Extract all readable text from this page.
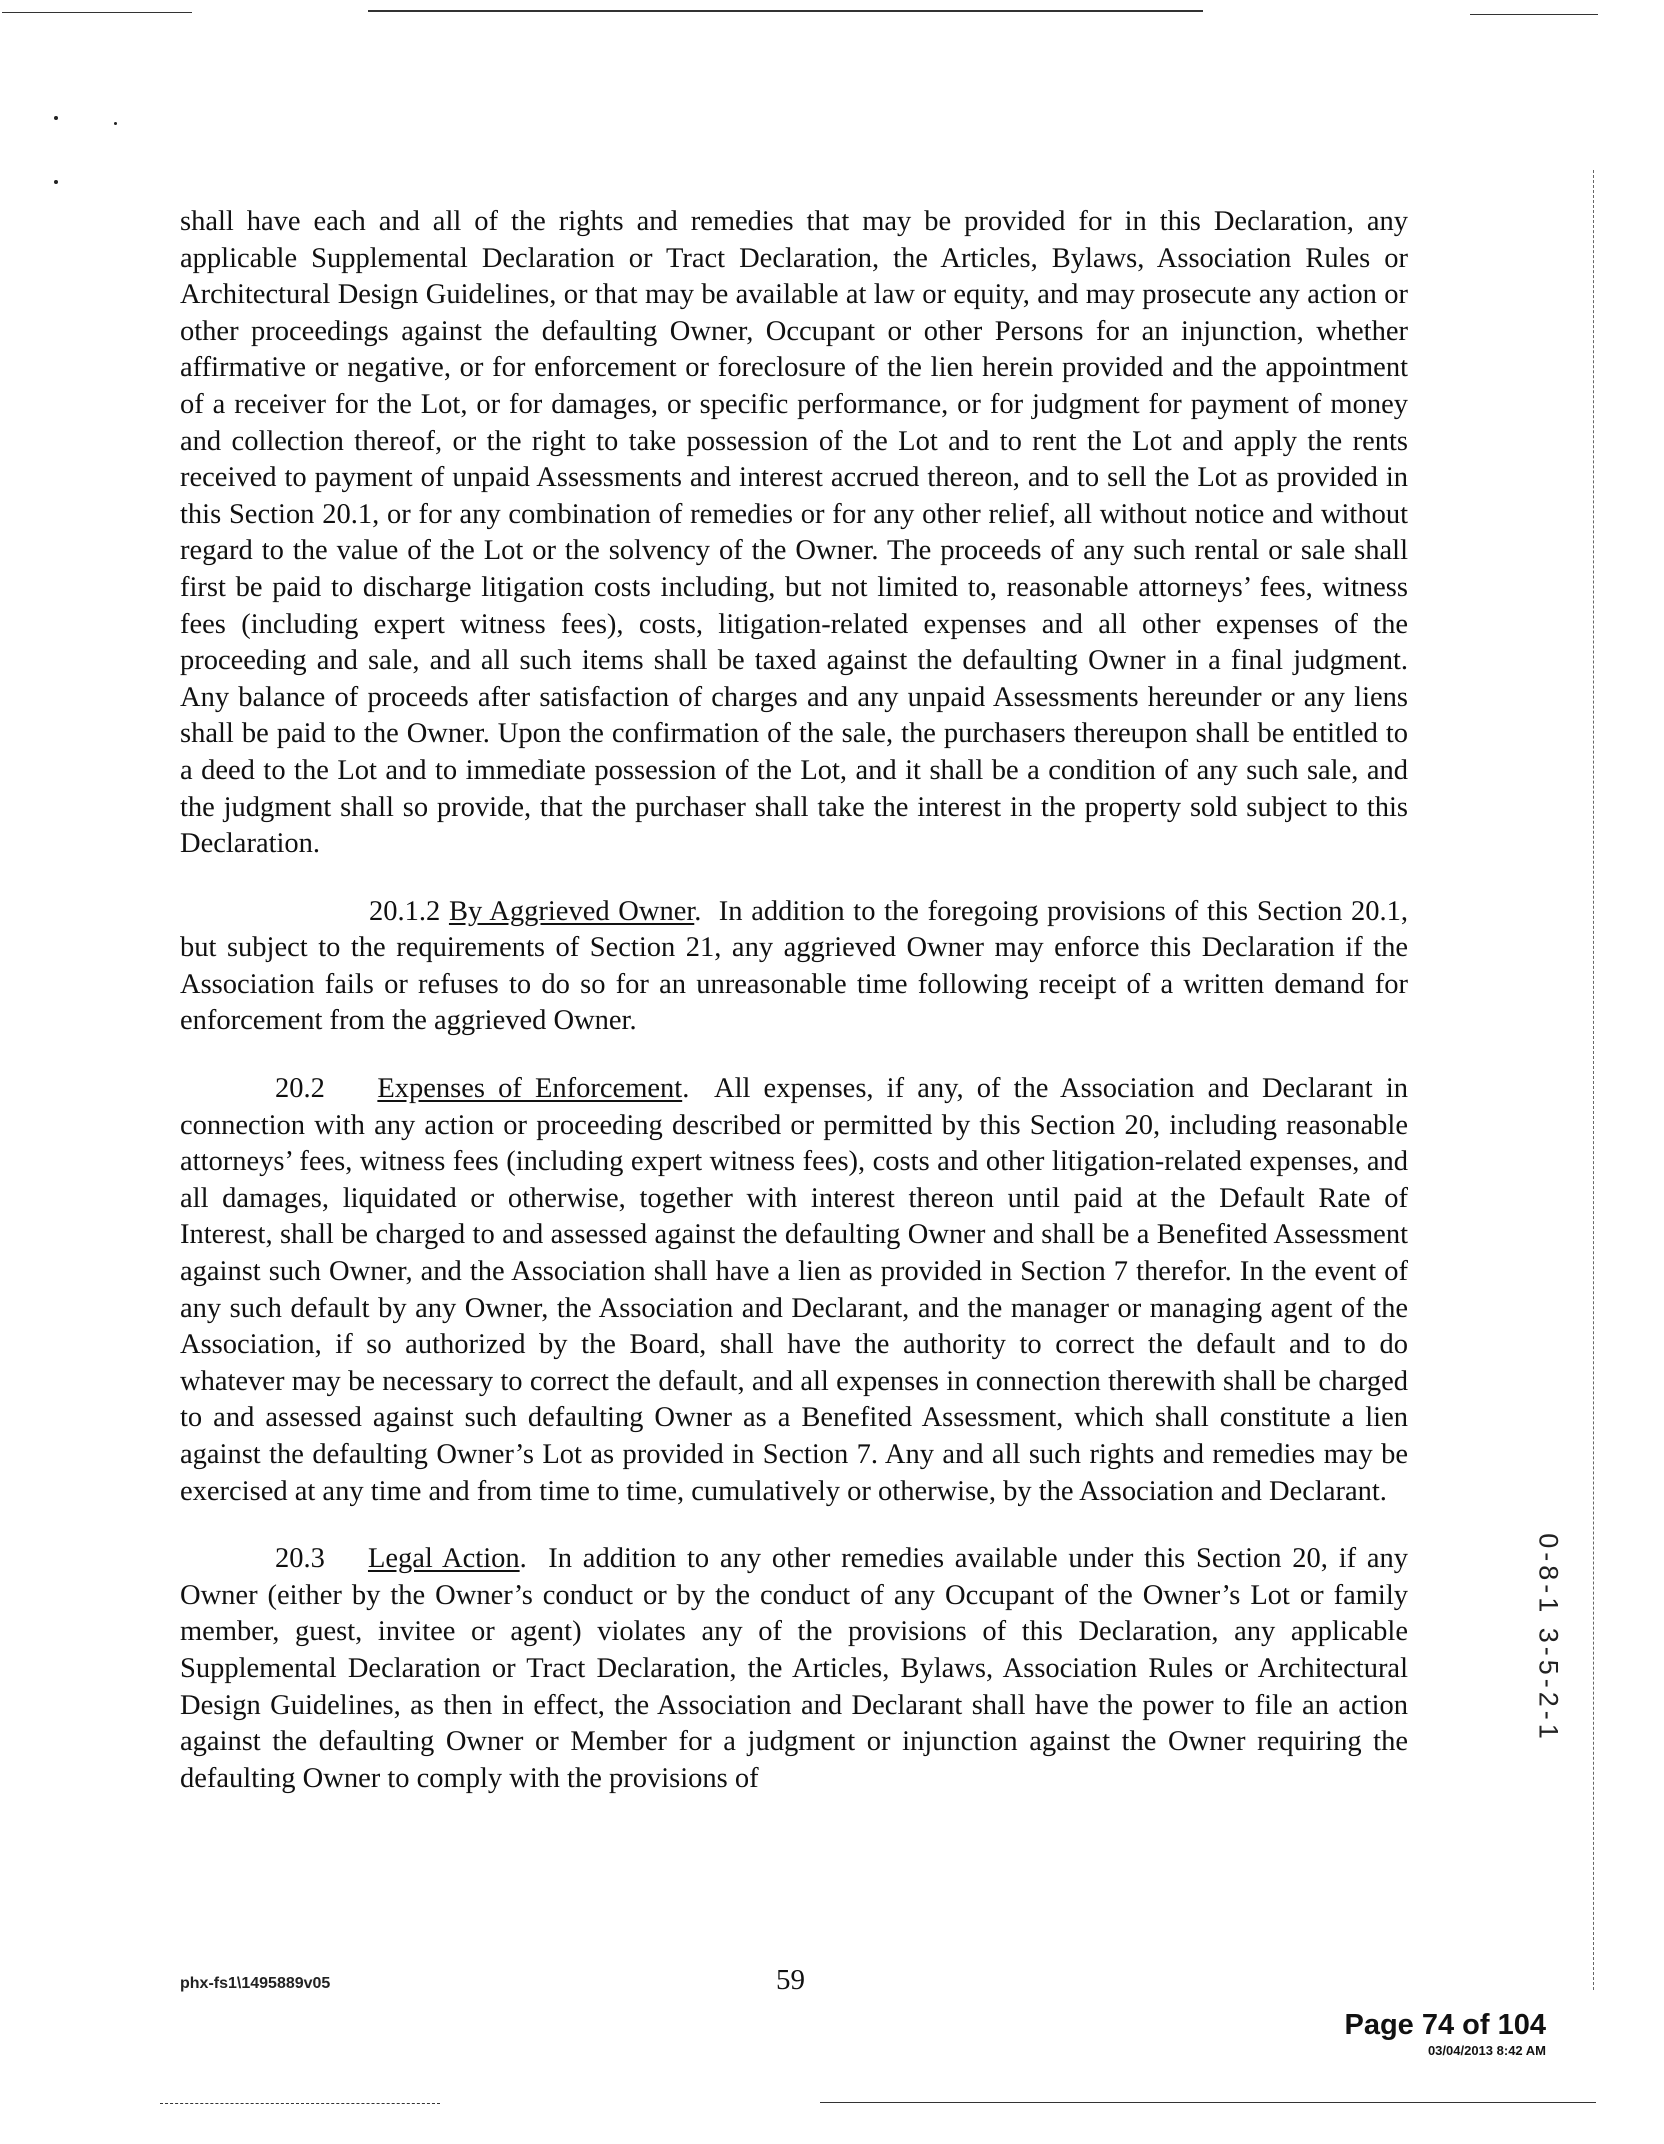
shall have each and all of the rights and remedies that may be provided for in this Declaration, any applicable Supplemental Declaration or Tract Declaration, the Articles, Bylaws, Association Rules or Architectural Design Guidelines, or that may be available at law or equity, and may prosecute any action or other proceedings against the defaulting Owner, Occupant or other Persons for an injunction, whether affirmative or negative, or for enforcement or foreclosure of the lien herein provided and the appointment of a receiver for the Lot, or for damages, or specific performance, or for judgment for payment of money and collection thereof, or the right to take possession of the Lot and to rent the Lot and apply the rents received to payment of unpaid Assessments and interest accrued thereon, and to sell the Lot as provided in this Section 20.1, or for any combination of remedies or for any other relief, all without notice and without regard to the value of the Lot or the solvency of the Owner. The proceeds of any such rental or sale shall first be paid to discharge litigation costs including, but not limited to, reasonable attorneys’ fees, witness fees (including expert witness fees), costs, litigation-related expenses and all other expenses of the proceeding and sale, and all such items shall be taxed against the defaulting Owner in a final judgment. Any balance of proceeds after satisfaction of charges and any unpaid Assessments hereunder or any liens shall be paid to the Owner. Upon the confirmation of the sale, the purchasers thereupon shall be entitled to a deed to the Lot and to immediate possession of the Lot, and it shall be a condition of any such sale, and the judgment shall so provide, that the purchaser shall take the interest in the property sold subject to this Declaration.

20.1.2 By Aggrieved Owner.  In addition to the foregoing provisions of this Section 20.1, but subject to the requirements of Section 21, any aggrieved Owner may enforce this Declaration if the Association fails or refuses to do so for an unreasonable time following receipt of a written demand for enforcement from the aggrieved Owner.

20.2 Expenses of Enforcement.  All expenses, if any, of the Association and Declarant in connection with any action or proceeding described or permitted by this Section 20, including reasonable attorneys’ fees, witness fees (including expert witness fees), costs and other litigation-related expenses, and all damages, liquidated or otherwise, together with interest thereon until paid at the Default Rate of Interest, shall be charged to and assessed against the defaulting Owner and shall be a Benefited Assessment against such Owner, and the Association shall have a lien as provided in Section 7 therefor. In the event of any such default by any Owner, the Association and Declarant, and the manager or managing agent of the Association, if so authorized by the Board, shall have the authority to correct the default and to do whatever may be necessary to correct the default, and all expenses in connection therewith shall be charged to and assessed against such defaulting Owner as a Benefited Assessment, which shall constitute a lien against the defaulting Owner’s Lot as provided in Section 7. Any and all such rights and remedies may be exercised at any time and from time to time, cumulatively or otherwise, by the Association and Declarant.

20.3 Legal Action.  In addition to any other remedies available under this Section 20, if any Owner (either by the Owner’s conduct or by the conduct of any Occupant of the Owner’s Lot or family member, guest, invitee or agent) violates any of the provisions of this Declaration, any applicable Supplemental Declaration or Tract Declaration, the Articles, Bylaws, Association Rules or Architectural Design Guidelines, as then in effect, the Association and Declarant shall have the power to file an action against the defaulting Owner or Member for a judgment or injunction against the Owner requiring the defaulting Owner to comply with the provisions of

0-8-1 3-5-2-1
phx-fs1\1495889v05	59
Page 74 of 104
03/04/2013 8:42 AM
